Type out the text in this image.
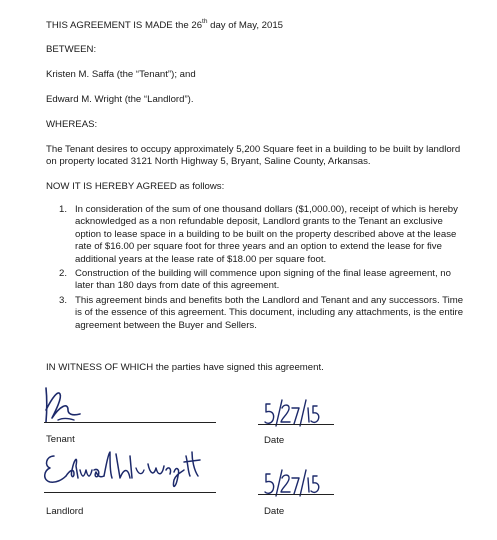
THIS AGREEMENT IS MADE the 26th day of May, 2015
BETWEEN:
Kristen M. Saffa (the “Tenant”); and
Edward M. Wright (the “Landlord”).
WHEREAS:
The Tenant desires to occupy approximately 5,200 Square feet in a building to be built by landlord on property located 3121 North Highway 5, Bryant, Saline County, Arkansas.
NOW IT IS HEREBY AGREED as follows:
1. In consideration of the sum of one thousand dollars ($1,000.00), receipt of which is hereby acknowledged as a non refundable deposit, Landlord grants to the Tenant an exclusive option to lease space in a building to be built on the property described above at the lease rate of $16.00 per square foot for three years and an option to extend the lease for five additional years at the lease rate of $18.00 per square foot.
2. Construction of the building will commence upon signing of the final lease agreement, no later than 180 days from date of this agreement.
3. This agreement binds and benefits both the Landlord and Tenant and any successors. Time is of the essence of this agreement. This document, including any attachments, is the entire agreement between the Buyer and Sellers.
IN WITNESS OF WHICH the parties have signed this agreement.
Tenant	Date
Landlord	Date
